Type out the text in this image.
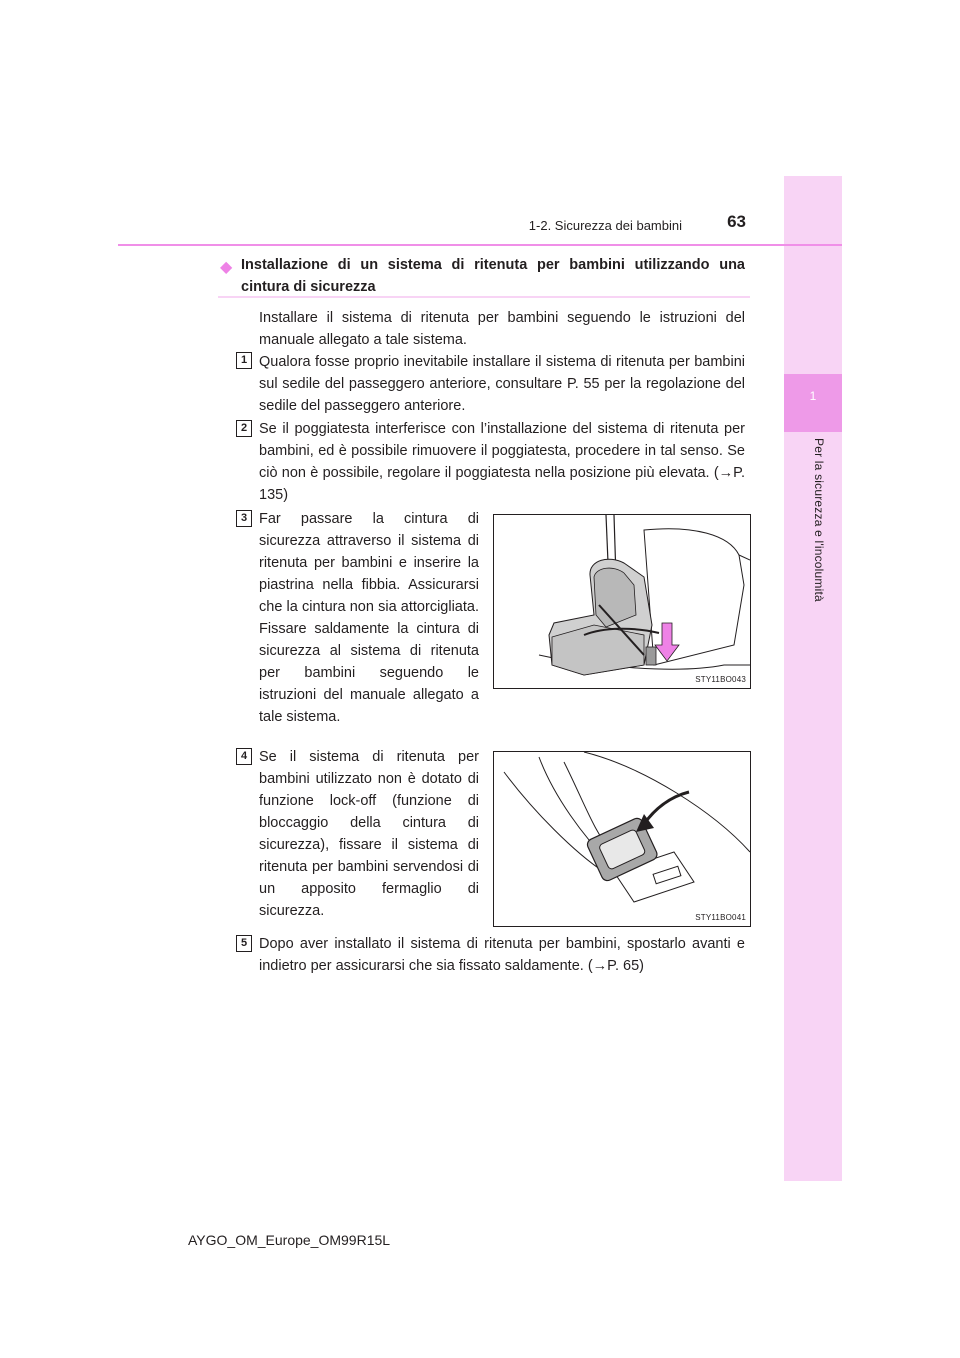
1
Per la sicurezza e l'incolumità
1-2. Sicurezza dei bambini	63
◆ Installazione di un sistema di ritenuta per bambini utilizzando una cintura di sicurezza

Installare il sistema di ritenuta per bambini seguendo le istruzioni del manuale allegato a tale sistema.

1 Qualora fosse proprio inevitabile installare il sistema di ritenuta per bambini sul sedile del passeggero anteriore, consultare P. 55 per la regolazione del sedile del passeggero anteriore.

2 Se il poggiatesta interferisce con l’installazione del sistema di ritenuta per bambini, ed è possibile rimuovere il poggiatesta, procedere in tal senso. Se ciò non è possibile, regolare il poggiatesta nella posizione più elevata. (→P. 135)

3 Far passare la cintura di sicurezza attraverso il sistema di ritenuta per bambini e inserire la piastrina nella fibbia. Assicurarsi che la cintura non sia attorcigliata. Fissare saldamente la cintura di sicurezza al sistema di ritenuta per bambini seguendo le istruzioni del manuale allegato a tale sistema.

STY11BO043
4 Se il sistema di ritenuta per bambini utilizzato non è dotato di funzione lock-off (funzione di bloccaggio della cintura di sicurezza), fissare il sistema di ritenuta per bambini servendosi di un apposito fermaglio di sicurezza.	STY11BO041
5 Dopo aver installato il sistema di ritenuta per bambini, spostarlo avanti e indietro per assicurarsi che sia fissato saldamente. (→P. 65)

AYGO_OM_Europe_OM99R15L
